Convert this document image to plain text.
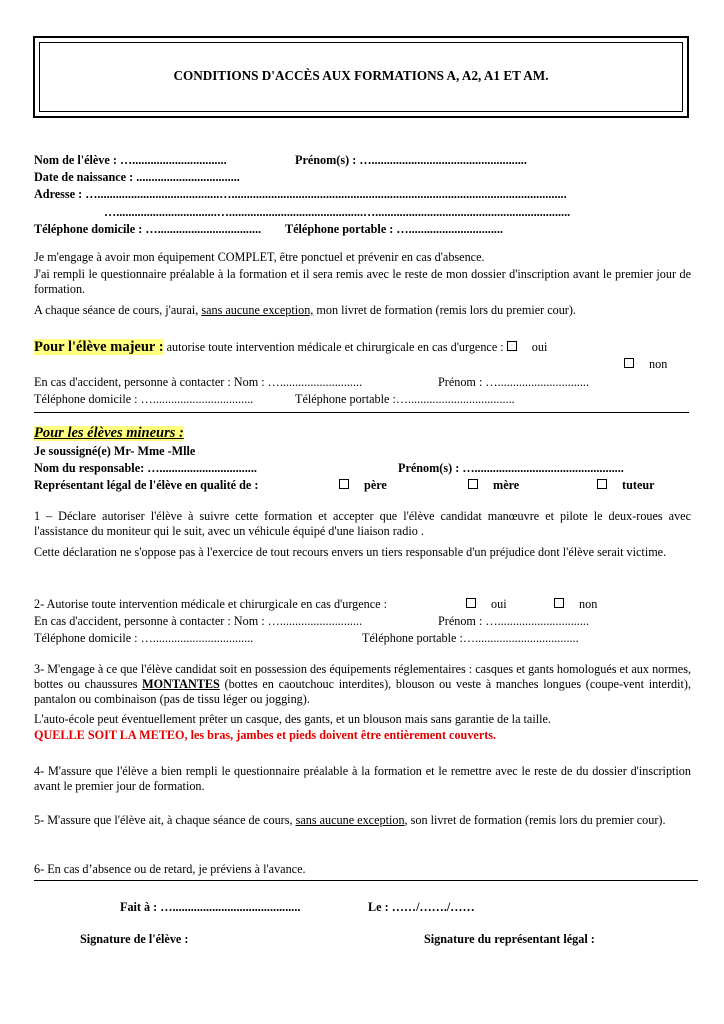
CONDITIONS D'ACCÈS AUX FORMATIONS A, A2, A1 ET AM.
Nom de l'élève : …...............................	Prénom(s) : …...................................................
Date de naissance : ..................................
Adresse : …........................................…..............................................................................................................
….................................…............................................…................................................................
Téléphone domicile : ….................................. Téléphone portable : …...............................
Je m'engage à avoir mon équipement COMPLET, être ponctuel et prévenir en cas d'absence.
J'ai rempli le questionnaire préalable à la formation et il sera remis avec le reste de mon dossier d'inscription avant le premier jour de formation.
A chaque séance de cours, j'aurai, sans aucune exception, mon livret de formation (remis lors du premier cour).
Pour l'élève majeur : autorise toute intervention médicale et chirurgicale en cas d'urgence : oui
non
En cas d'accident, personne à contacter : Nom : …...........................	Prénom : …..............................
Téléphone domicile : ….................................	Téléphone portable :…...................................
Pour les élèves mineurs :
Je soussigné(e) Mr- Mme -Mlle
Nom du responsable: …................................	Prénom(s) : ….................................................
Représentant légal de l'élève en qualité de :	père	mère	tuteur
1 – Déclare autoriser l'élève à suivre cette formation et accepter que l'élève candidat manœuvre et pilote le deux-roues avec l'assistance du moniteur qui le suit, avec un véhicule équipé d'une liaison radio .
Cette déclaration ne s'oppose pas à l'exercice de tout recours envers un tiers responsable d'un préjudice dont l'élève serait victime.
2- Autorise toute intervention médicale et chirurgicale en cas d'urgence :	oui	non
En cas d'accident, personne à contacter : Nom : …...........................	Prénom : …..............................
Téléphone domicile : ….................................	Téléphone portable :…..................................
3- M'engage à ce que l'élève candidat soit en possession des équipements réglementaires : casques et gants homologués et aux normes, bottes ou chaussures MONTANTES (bottes en caoutchouc interdites), blouson ou veste à manches longues (coupe-vent interdit), pantalon ou combinaison (pas de tissu léger ou jogging).
L'auto-école peut éventuellement prêter un casque, des gants, et un blouson mais sans garantie de la taille.
QUELLE SOIT LA METEO, les bras, jambes et pieds doivent être entièrement couverts.
4- M'assure que l'élève a bien rempli le questionnaire préalable à la formation et le remettre avec le reste de du dossier d'inscription avant le premier jour de formation.
5- M'assure que l'élève ait, à chaque séance de cours, sans aucune exception, son livret de formation (remis lors du premier cour).
6- En cas d’absence ou de retard, je préviens à l'avance.
Fait à : …..........................................	Le : ……/……./……
Signature de l'élève :	Signature du représentant légal :
